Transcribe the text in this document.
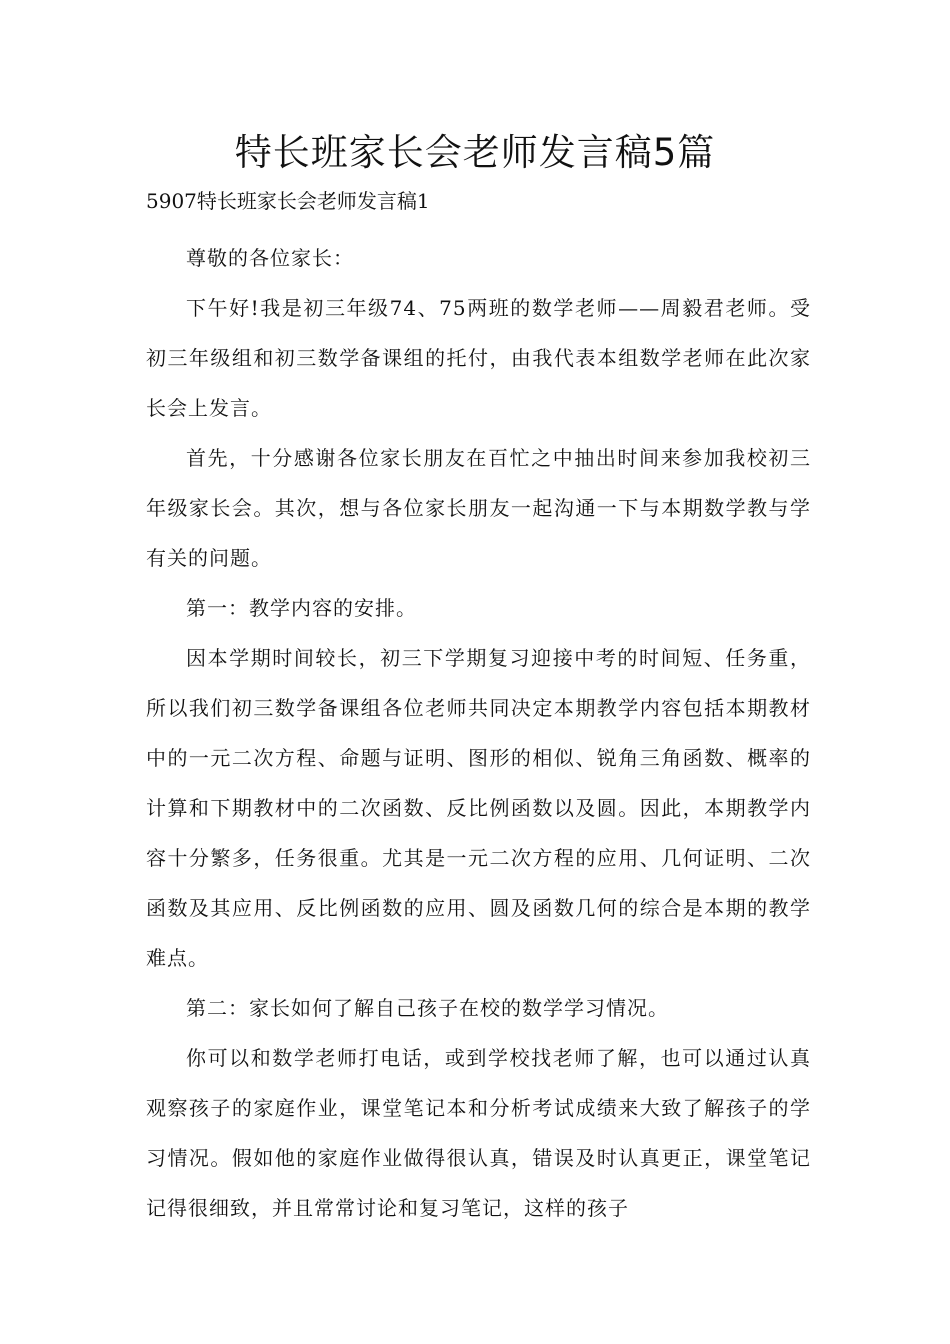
特长班家长会老师发言稿5篇

5907特长班家长会老师发言稿1

尊敬的各位家长：

下午好!我是初三年级74、75两班的数学老师——周毅君老师。受初三年级组和初三数学备课组的托付，由我代表本组数学老师在此次家长会上发言。

首先，十分感谢各位家长朋友在百忙之中抽出时间来参加我校初三年级家长会。其次，想与各位家长朋友一起沟通一下与本期数学教与学有关的问题。

第一：教学内容的安排。

因本学期时间较长，初三下学期复习迎接中考的时间短、任务重，所以我们初三数学备课组各位老师共同决定本期教学内容包括本期教材中的一元二次方程、命题与证明、图形的相似、锐角三角函数、概率的计算和下期教材中的二次函数、反比例函数以及圆。因此，本期教学内容十分繁多，任务很重。尤其是一元二次方程的应用、几何证明、二次函数及其应用、反比例函数的应用、圆及函数几何的综合是本期的教学难点。

第二：家长如何了解自己孩子在校的数学学习情况。

你可以和数学老师打电话，或到学校找老师了解，也可以通过认真观察孩子的家庭作业，课堂笔记本和分析考试成绩来大致了解孩子的学习情况。假如他的家庭作业做得很认真，错误及时认真更正，课堂笔记记得很细致，并且常常讨论和复习笔记，这样的孩子
